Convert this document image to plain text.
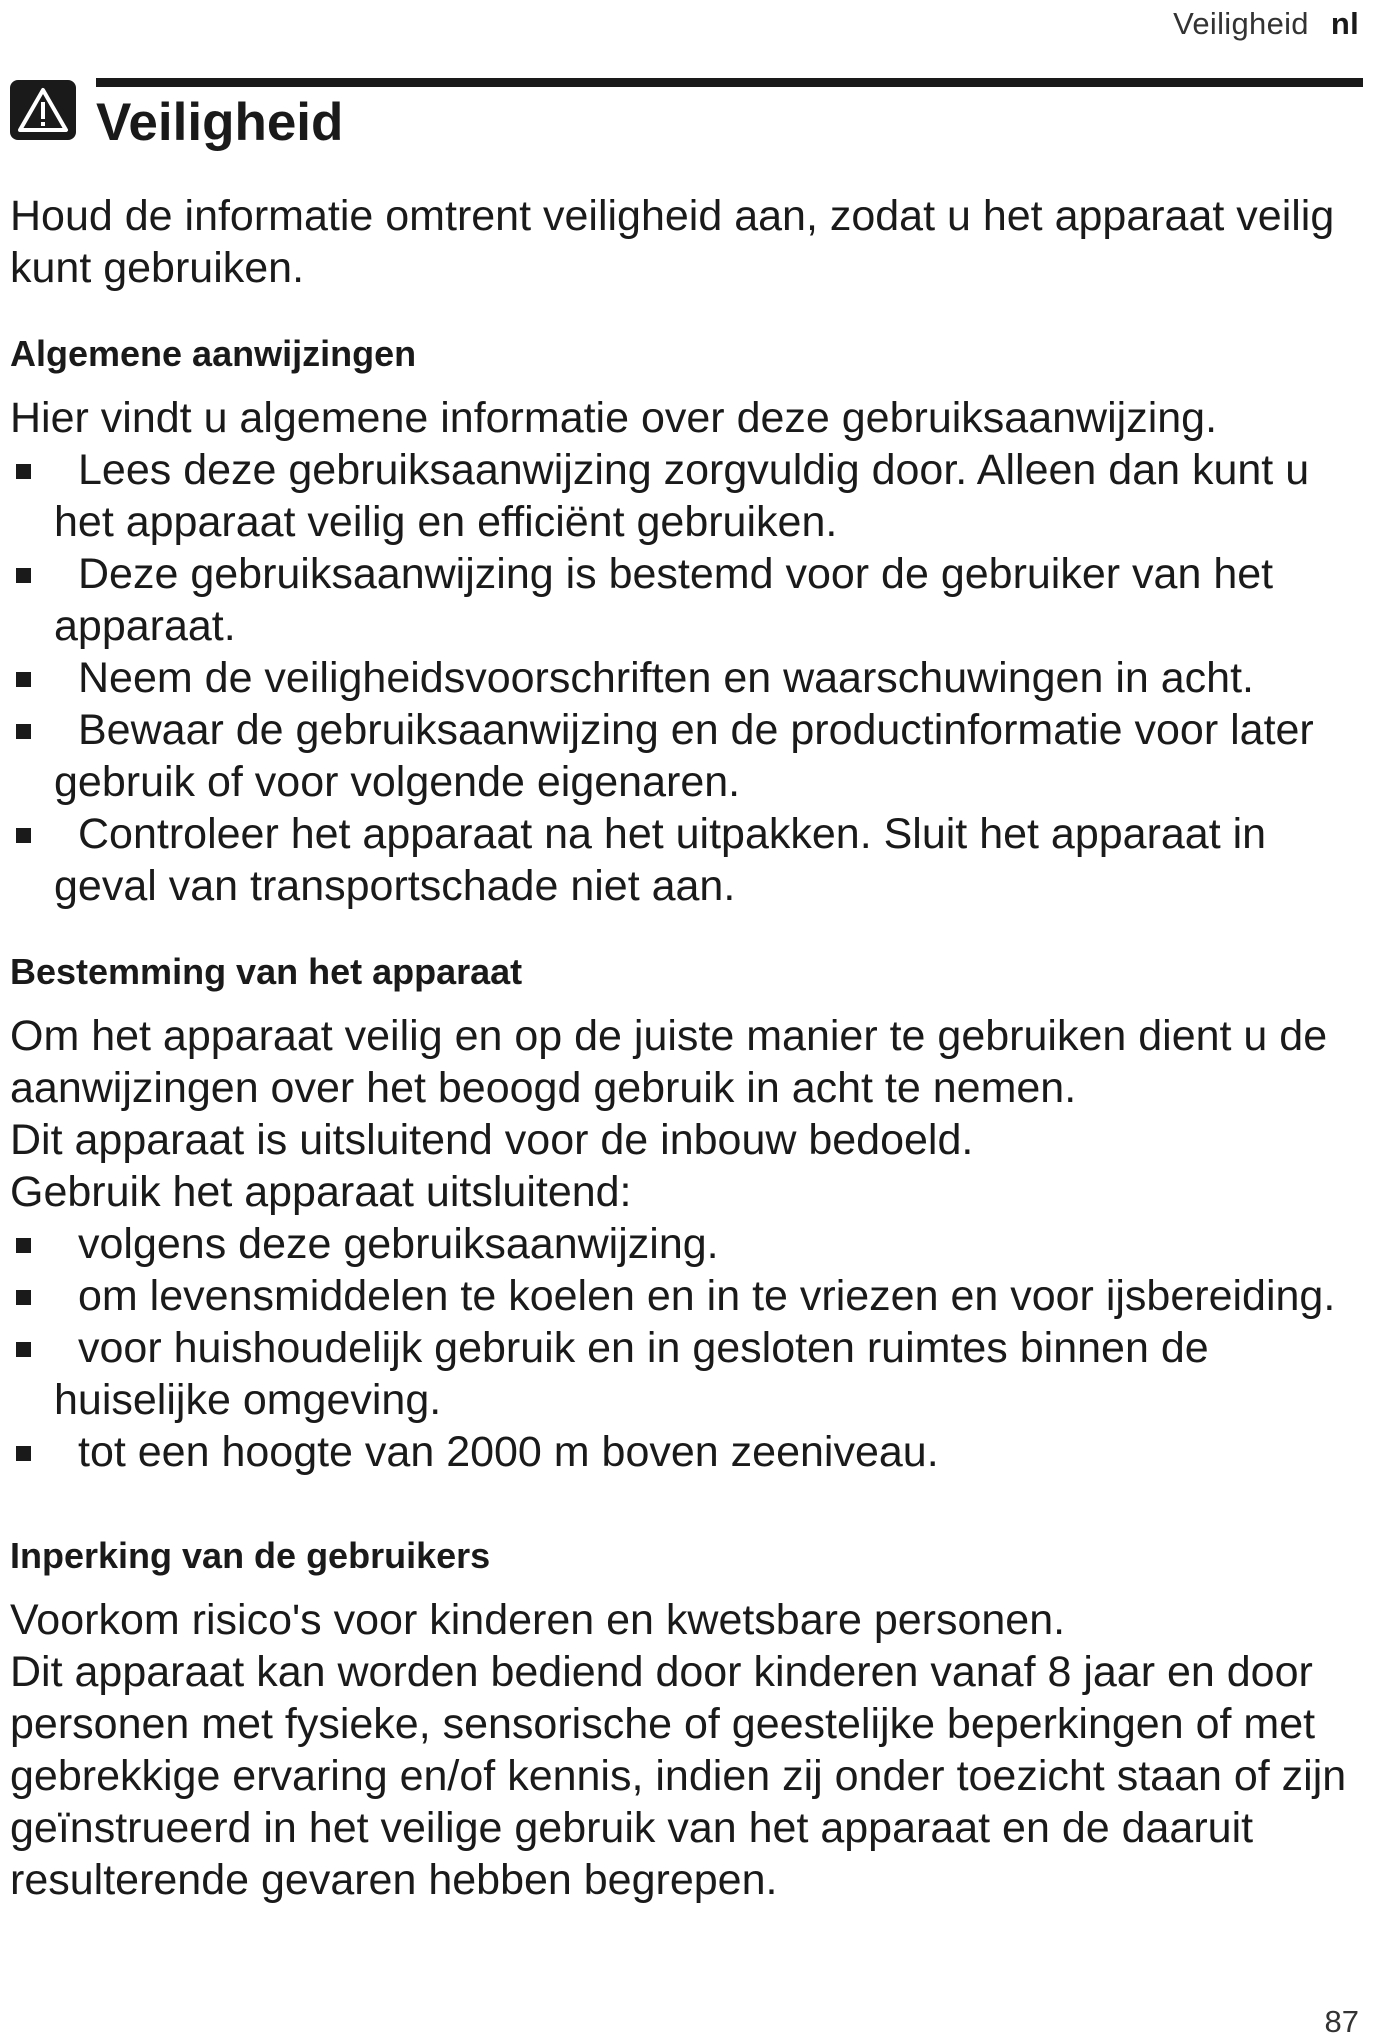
Veiligheid nl
Veiligheid

Houd de informatie omtrent veiligheid aan, zodat u het apparaat veilig kunt gebruiken.

Algemene aanwijzingen

Hier vindt u algemene informatie over deze gebruiksaanwijzing.

Lees deze gebruiksaanwijzing zorgvuldig door. Alleen dan kunt u het apparaat veilig en efficiënt gebruiken.
Deze gebruiksaanwijzing is bestemd voor de gebruiker van het apparaat.
Neem de veiligheidsvoorschriften en waarschuwingen in acht.
Bewaar de gebruiksaanwijzing en de productinformatie voor later gebruik of voor volgende eigenaren.
Controleer het apparaat na het uitpakken. Sluit het apparaat in geval van transportschade niet aan.
Bestemming van het apparaat

Om het apparaat veilig en op de juiste manier te gebruiken dient u de aanwijzingen over het beoogd gebruik in acht te nemen.

Dit apparaat is uitsluitend voor de inbouw bedoeld.

Gebruik het apparaat uitsluitend:

volgens deze gebruiksaanwijzing.
om levensmiddelen te koelen en in te vriezen en voor ijsbereiding.
voor huishoudelijk gebruik en in gesloten ruimtes binnen de huiselijke omgeving.
tot een hoogte van 2000 m boven zeeniveau.
Inperking van de gebruikers

Voorkom risico's voor kinderen en kwetsbare personen.

Dit apparaat kan worden bediend door kinderen vanaf 8 jaar en door personen met fysieke, sensorische of geestelijke beperkingen of met gebrekkige ervaring en/of kennis, indien zij onder toezicht staan of zijn geïnstrueerd in het veilige gebruik van het apparaat en de daaruit resulterende gevaren hebben begrepen.

87
